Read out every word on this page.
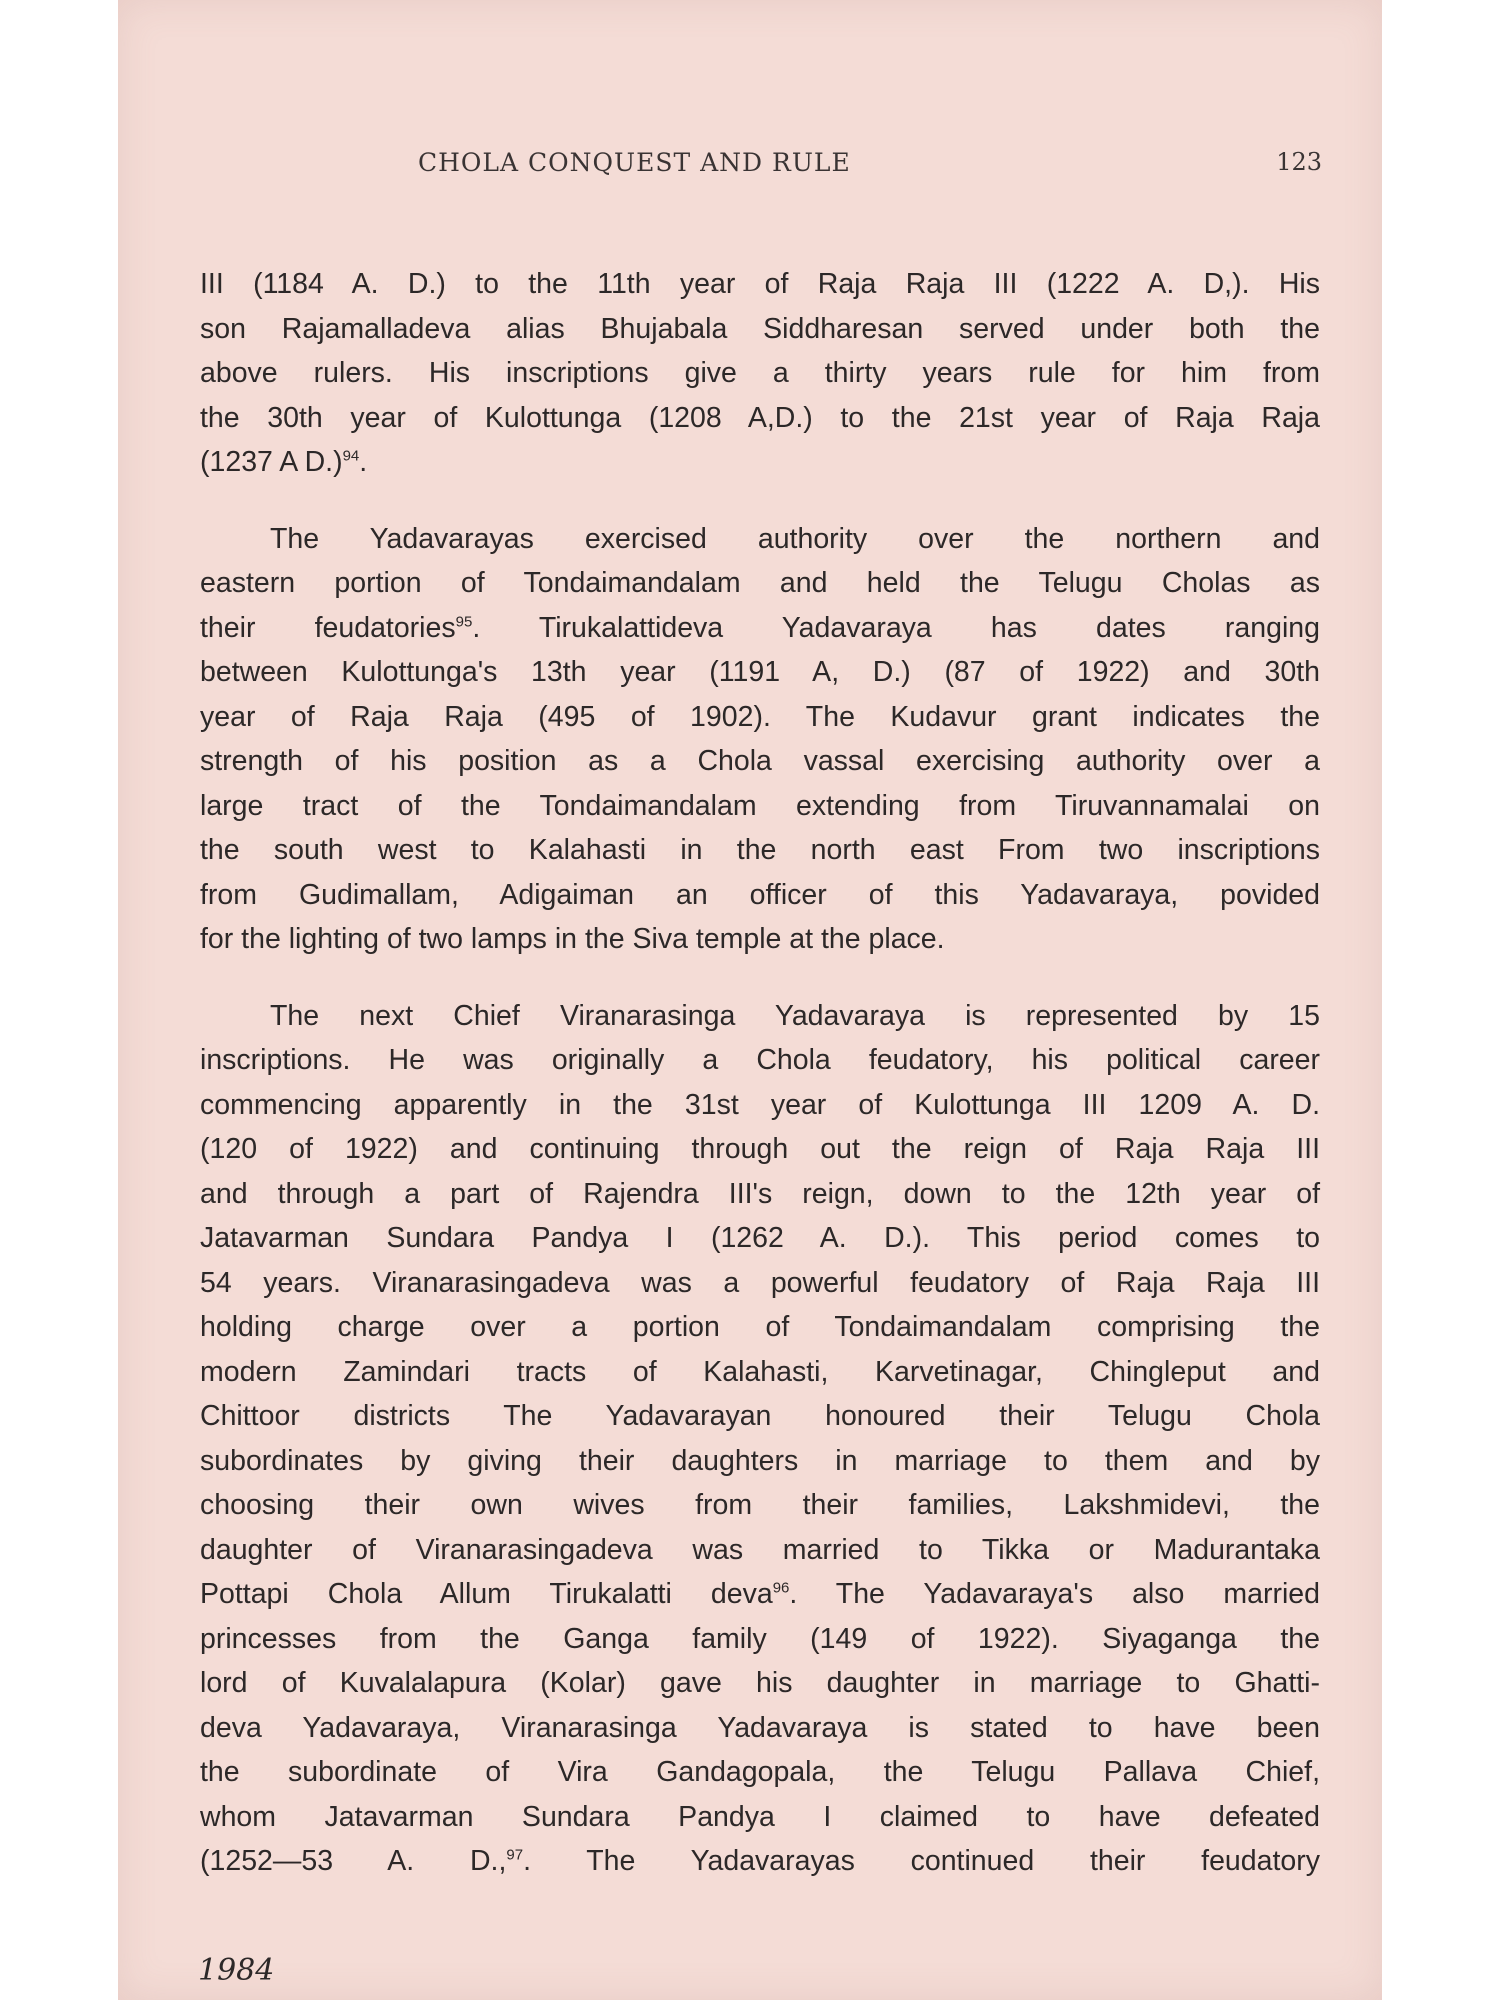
CHOLA CONQUEST AND RULE	123
III (1184 A. D.) to the 11th year of Raja Raja III (1222 A. D,). His
son Rajamalladeva alias Bhujabala Siddharesan served under both the
above rulers. His inscriptions give a thirty years rule for him from
the 30th year of Kulottunga (1208 A,D.) to the 21st year of Raja Raja
(1237 A D.)$^{94}$.
The Yadavarayas exercised authority over the northern and
eastern portion of Tondaimandalam and held the Telugu Cholas as
their feudatories$^{95}$. Tirukalattideva Yadavaraya has dates ranging
between Kulottunga's 13th year (1191 A, D.) (87 of 1922) and 30th
year of Raja Raja (495 of 1902). The Kudavur grant indicates the
strength of his position as a Chola vassal exercising authority over a
large tract of the Tondaimandalam extending from Tiruvannamalai on
the south west to Kalahasti in the north east From two inscriptions
from Gudimallam, Adigaiman an officer of this Yadavaraya, povided
for the lighting of two lamps in the Siva temple at the place.
The next Chief Viranarasinga Yadavaraya is represented by 15
inscriptions. He was originally a Chola feudatory, his political career
commencing apparently in the 31st year of Kulottunga III 1209 A. D.
(120 of 1922) and continuing through out the reign of Raja Raja III
and through a part of Rajendra III's reign, down to the 12th year of
Jatavarman Sundara Pandya I (1262 A. D.). This period comes to
54 years. Viranarasingadeva was a powerful feudatory of Raja Raja III
holding charge over a portion of Tondaimandalam comprising the
modern Zamindari tracts of Kalahasti, Karvetinagar, Chingleput and
Chittoor districts The Yadavarayan honoured their Telugu Chola
subordinates by giving their daughters in marriage to them and by
choosing their own wives from their families, Lakshmidevi, the
daughter of Viranarasingadeva was married to Tikka or Madurantaka
Pottapi Chola Allum Tirukalatti deva$^{96}$. The Yadavaraya's also married
princesses from the Ganga family (149 of 1922). Siyaganga the
lord of Kuvalalapura (Kolar) gave his daughter in marriage to Ghatti-
deva Yadavaraya, Viranarasinga Yadavaraya is stated to have been
the subordinate of Vira Gandagopala, the Telugu Pallava Chief,
whom Jatavarman Sundara Pandya I claimed to have defeated
(1252—53 A. D.,$^{97}$. The Yadavarayas continued their feudatory
1984
